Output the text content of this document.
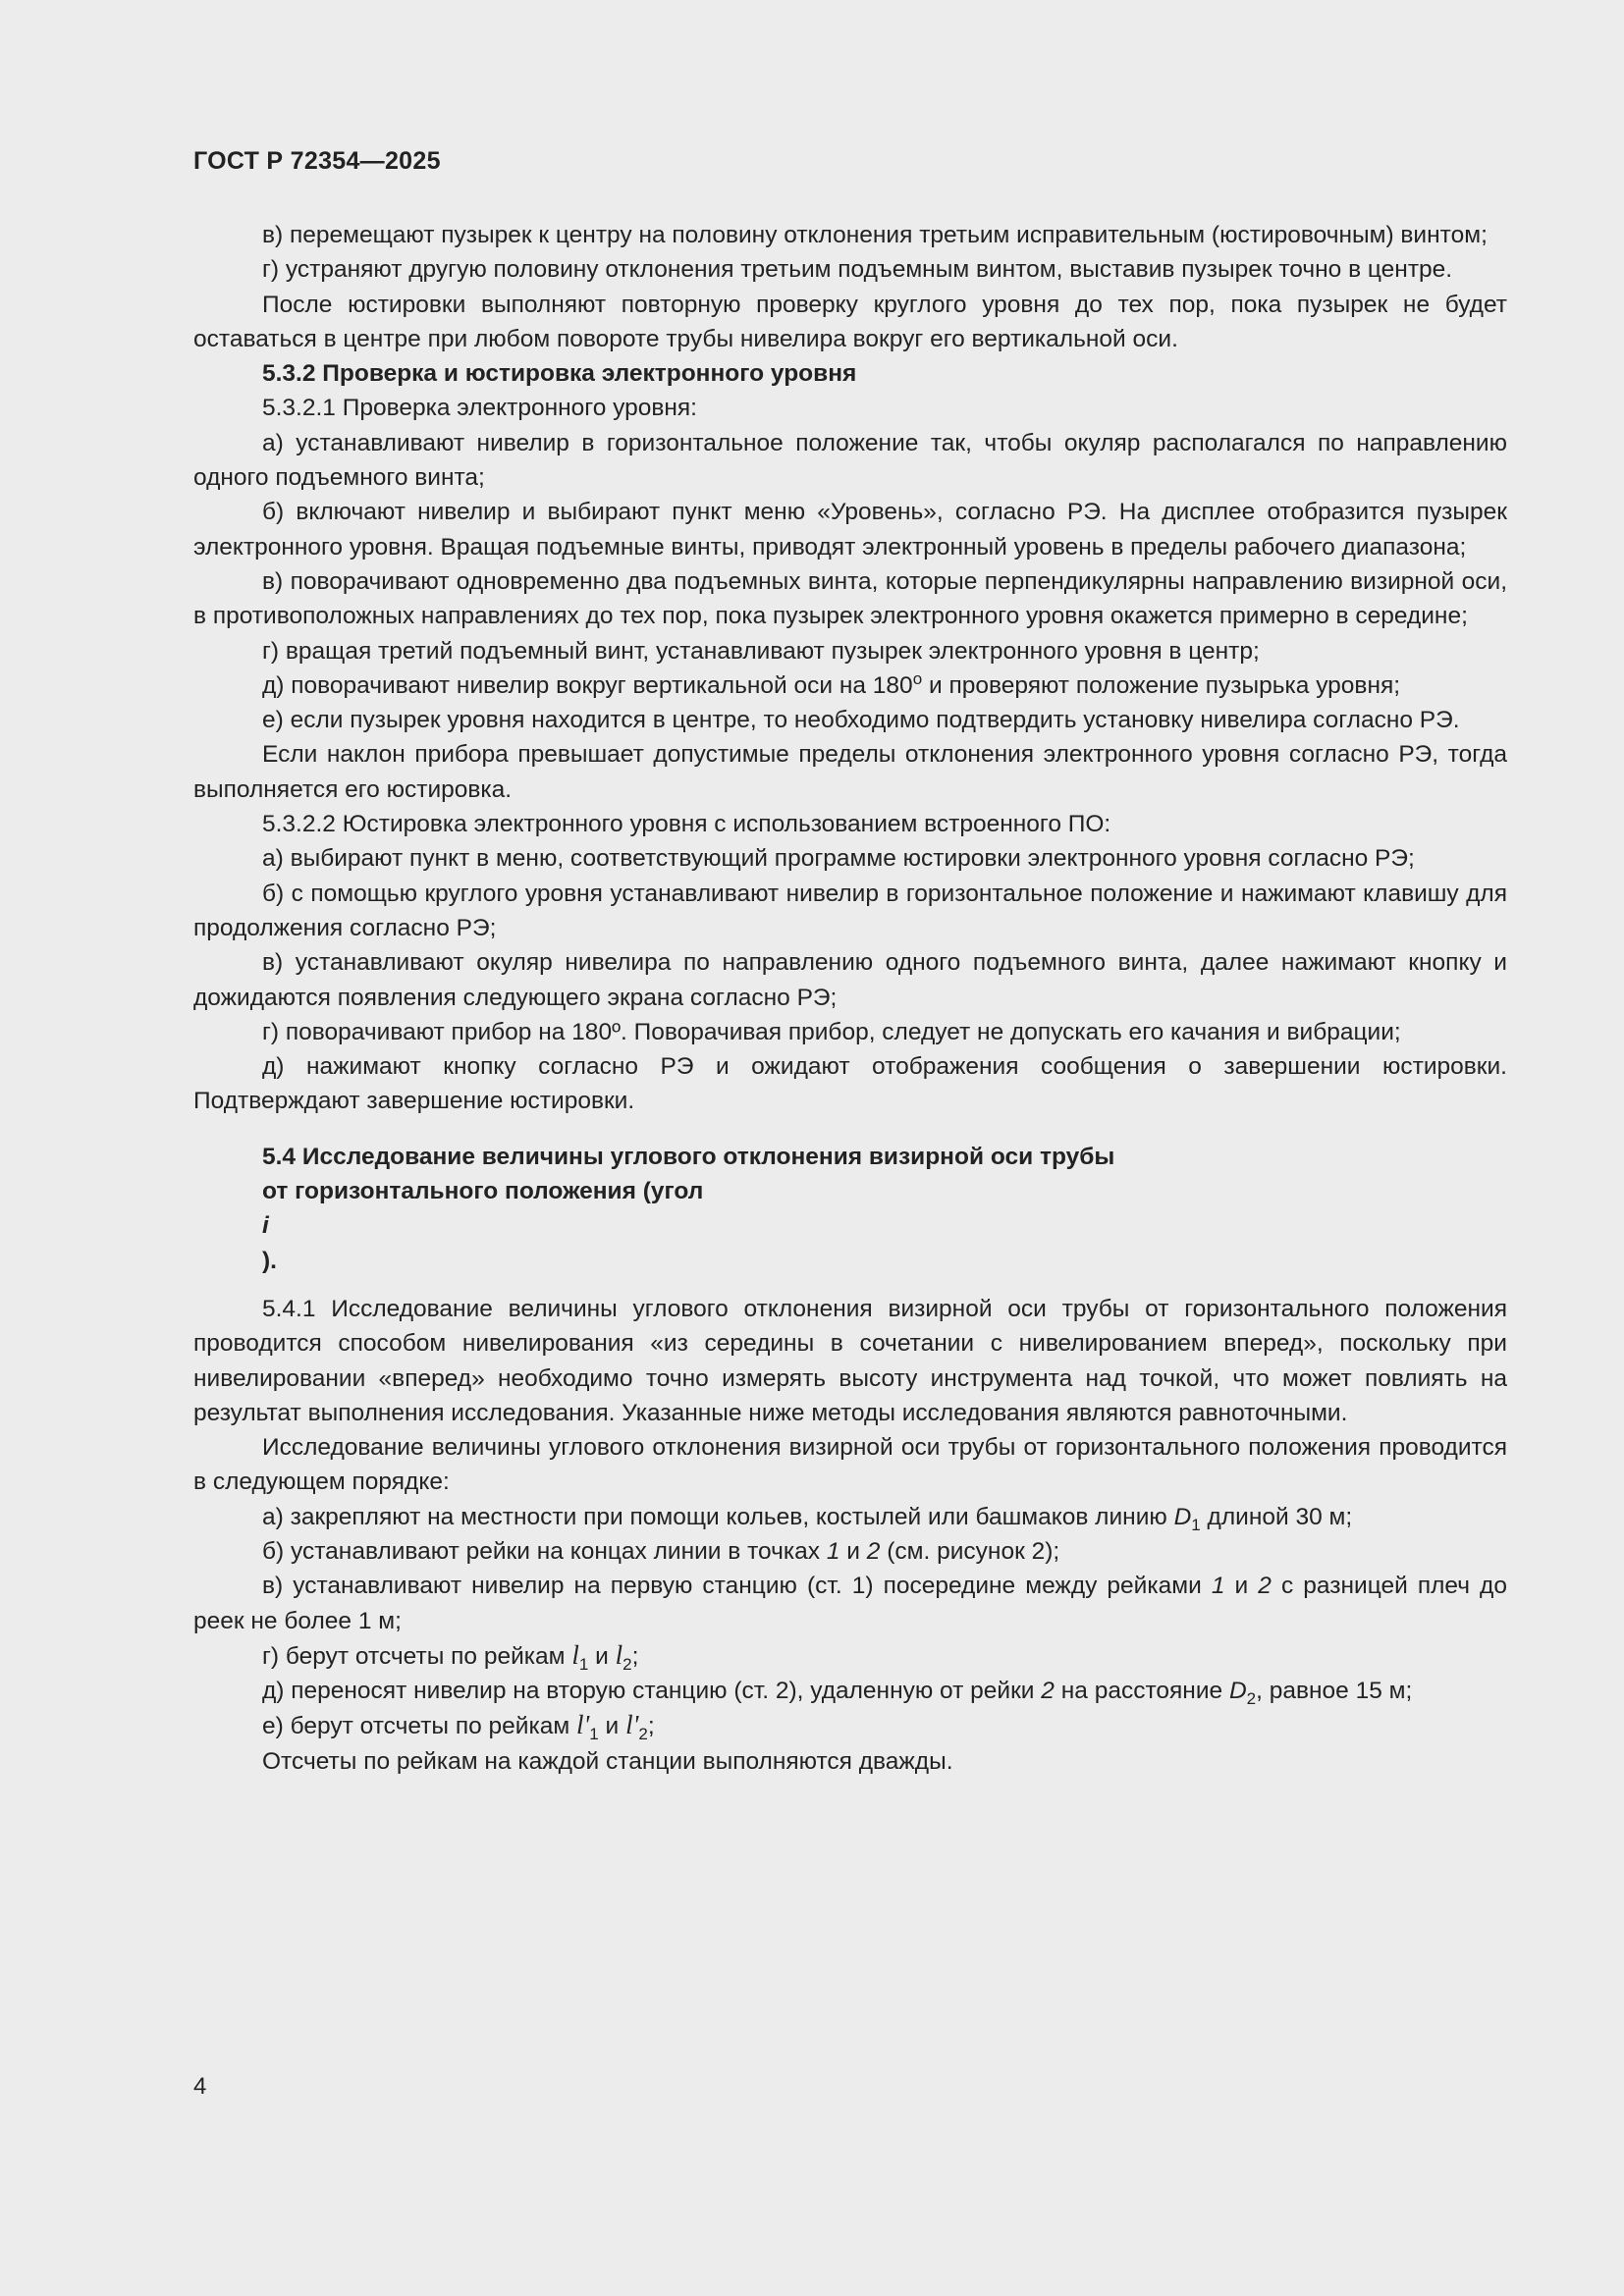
ГОСТ Р 72354—2025

в) перемещают пузырек к центру на половину отклонения третьим исправительным (юстировочным) винтом;

г) устраняют другую половину отклонения третьим подъемным винтом, выставив пузырек точно в центре.

После юстировки выполняют повторную проверку круглого уровня до тех пор, пока пузырек не будет оставаться в центре при любом повороте трубы нивелира вокруг его вертикальной оси.

5.3.2 Проверка и юстировка электронного уровня

5.3.2.1 Проверка электронного уровня:

а) устанавливают нивелир в горизонтальное положение так, чтобы окуляр располагался по направлению одного подъемного винта;

б) включают нивелир и выбирают пункт меню «Уровень», согласно РЭ. На дисплее отобразится пузырек электронного уровня. Вращая подъемные винты, приводят электронный уровень в пределы рабочего диапазона;

в) поворачивают одновременно два подъемных винта, которые перпендикулярны направлению визирной оси, в противоположных направлениях до тех пор, пока пузырек электронного уровня окажется примерно в середине;

г) вращая третий подъемный винт, устанавливают пузырек электронного уровня в центр;

д) поворачивают нивелир вокруг вертикальной оси на $180^о$ и проверяют положение пузырька уровня;

е) если пузырек уровня находится в центре, то необходимо подтвердить установку нивелира согласно РЭ.

Если наклон прибора превышает допустимые пределы отклонения электронного уровня согласно РЭ, тогда выполняется его юстировка.

5.3.2.2 Юстировка электронного уровня с использованием встроенного ПО:

а) выбирают пункт в меню, соответствующий программе юстировки электронного уровня согласно РЭ;

б) с помощью круглого уровня устанавливают нивелир в горизонтальное положение и нажимают клавишу для продолжения согласно РЭ;

в) устанавливают окуляр нивелира по направлению одного подъемного винта, далее нажимают кнопку и дожидаются появления следующего экрана согласно РЭ;

г) поворачивают прибор на 180º. Поворачивая прибор, следует не допускать его качания и вибрации;

д) нажимают кнопку согласно РЭ и ожидают отображения сообщения о завершении юстировки. Подтверждают завершение юстировки.

5.4 Исследование величины углового отклонения визирной оси трубы
от горизонтального положения (угол
i
).

5.4.1 Исследование величины углового отклонения визирной оси трубы от горизонтального положения проводится способом нивелирования «из середины в сочетании с нивелированием вперед», поскольку при нивелировании «вперед» необходимо точно измерять высоту инструмента над точкой, что может повлиять на результат выполнения исследования. Указанные ниже методы исследования являются равноточными.

Исследование величины углового отклонения визирной оси трубы от горизонтального положения проводится в следующем порядке:

а) закрепляют на местности при помощи кольев, костылей или башмаков линию $D_1$ длиной 30 м;

б) устанавливают рейки на концах линии в точках 1 и 2 (см. рисунок 2);

в) устанавливают нивелир на первую станцию (ст. 1) посередине между рейками 1 и 2 с разницей плеч до реек не более 1 м;

г) берут отсчеты по рейкам $l_1$ и $l_2$;

д) переносят нивелир на вторую станцию (ст. 2), удаленную от рейки 2 на расстояние $D_2$, равное 15 м;

е) берут отсчеты по рейкам $l'_1$ и $l'_2$;

Отсчеты по рейкам на каждой станции выполняются дважды.

4
